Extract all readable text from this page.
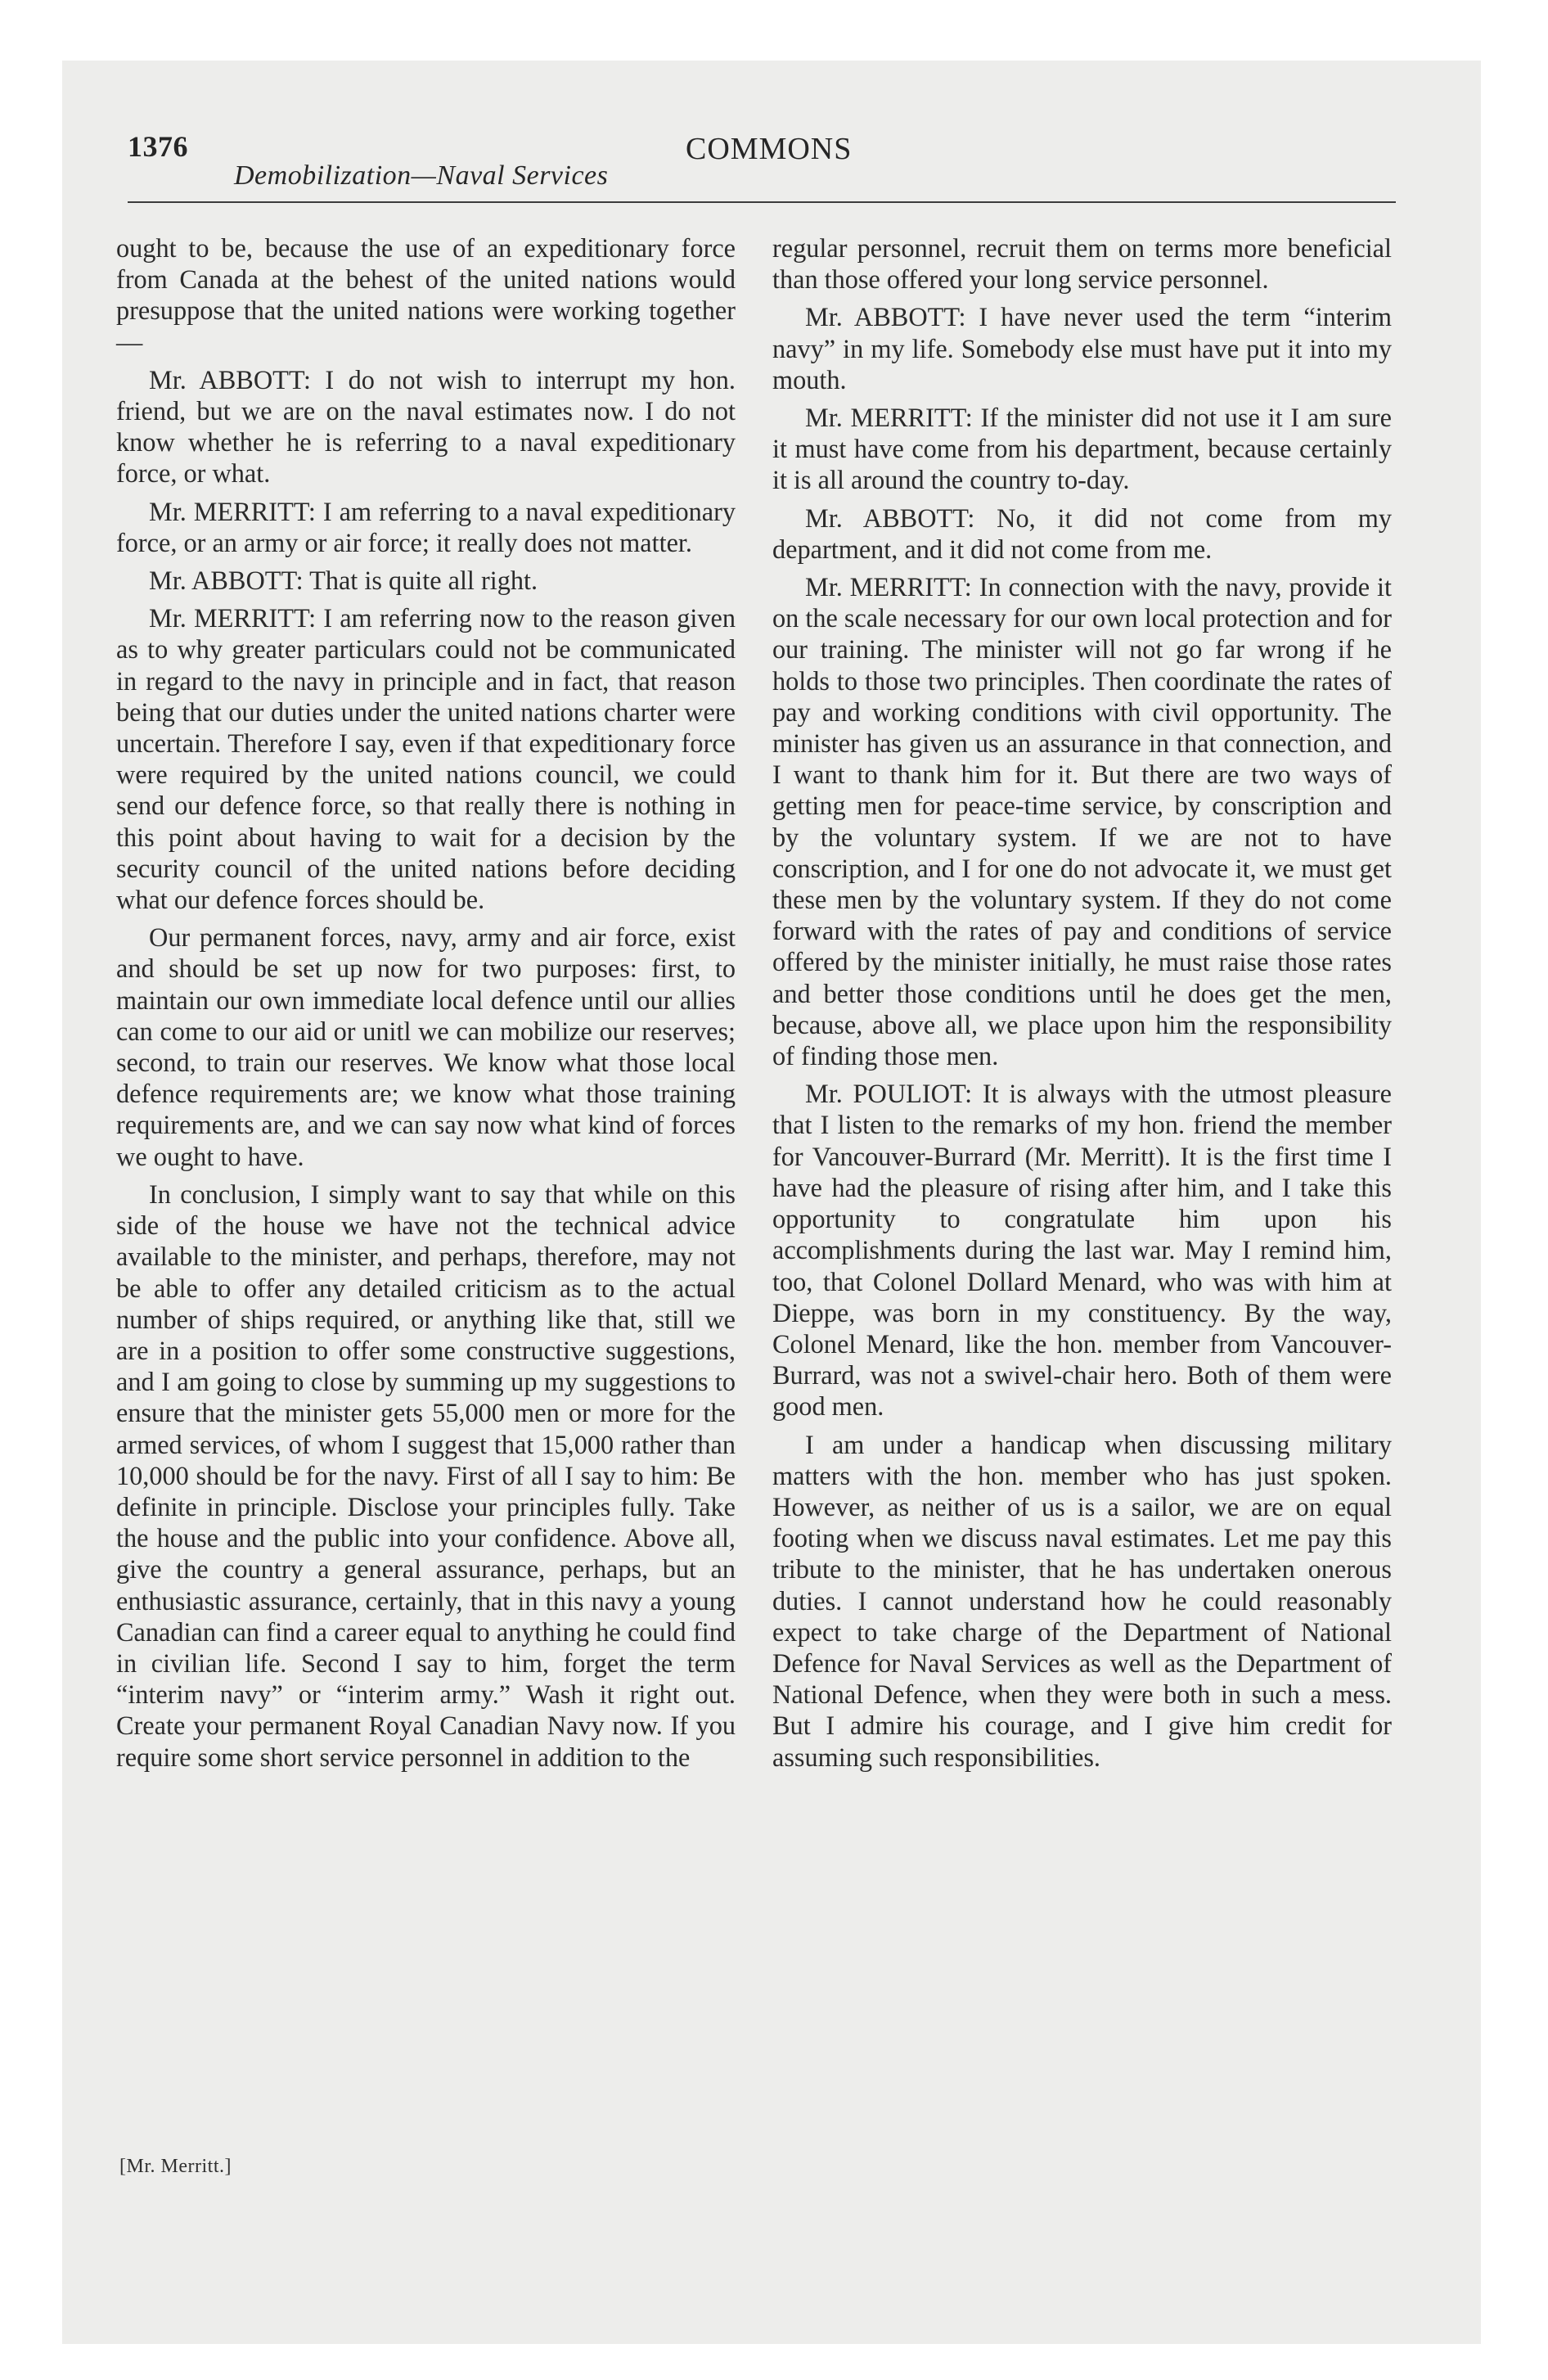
1376	COMMONS
Demobilization—Naval Services

ought to be, because the use of an expeditionary force from Canada at the behest of the united nations would presuppose that the united nations were working together—

Mr. ABBOTT: I do not wish to interrupt my hon. friend, but we are on the naval estimates now. I do not know whether he is referring to a naval expeditionary force, or what.

Mr. MERRITT: I am referring to a naval expeditionary force, or an army or air force; it really does not matter.

Mr. ABBOTT: That is quite all right.

Mr. MERRITT: I am referring now to the reason given as to why greater particulars could not be communicated in regard to the navy in principle and in fact, that reason being that our duties under the united nations charter were uncertain. Therefore I say, even if that expeditionary force were required by the united nations council, we could send our defence force, so that really there is nothing in this point about having to wait for a decision by the security council of the united nations before deciding what our defence forces should be.

Our permanent forces, navy, army and air force, exist and should be set up now for two purposes: first, to maintain our own immediate local defence until our allies can come to our aid or unitl we can mobilize our reserves; second, to train our reserves. We know what those local defence requirements are; we know what those training requirements are, and we can say now what kind of forces we ought to have.

In conclusion, I simply want to say that while on this side of the house we have not the technical advice available to the minister, and perhaps, therefore, may not be able to offer any detailed criticism as to the actual number of ships required, or anything like that, still we are in a position to offer some constructive suggestions, and I am going to close by summing up my suggestions to ensure that the minister gets 55,000 men or more for the armed services, of whom I suggest that 15,000 rather than 10,000 should be for the navy. First of all I say to him: Be definite in principle. Disclose your principles fully. Take the house and the public into your confidence. Above all, give the country a general assurance, perhaps, but an enthusiastic assurance, certainly, that in this navy a young Canadian can find a career equal to anything he could find in civilian life. Second I say to him, forget the term “interim navy” or “interim army.” Wash it right out. Create your permanent Royal Canadian Navy now. If you require some short service personnel in addition to the

regular personnel, recruit them on terms more beneficial than those offered your long service personnel.

Mr. ABBOTT: I have never used the term “interim navy” in my life. Somebody else must have put it into my mouth.

Mr. MERRITT: If the minister did not use it I am sure it must have come from his department, because certainly it is all around the country to-day.

Mr. ABBOTT: No, it did not come from my department, and it did not come from me.

Mr. MERRITT: In connection with the navy, provide it on the scale necessary for our own local protection and for our training. The minister will not go far wrong if he holds to those two principles. Then coordinate the rates of pay and working conditions with civil opportunity. The minister has given us an assurance in that connection, and I want to thank him for it. But there are two ways of getting men for peace-time service, by conscription and by the voluntary system. If we are not to have conscription, and I for one do not advocate it, we must get these men by the voluntary system. If they do not come forward with the rates of pay and conditions of service offered by the minister initially, he must raise those rates and better those conditions until he does get the men, because, above all, we place upon him the responsibility of finding those men.

Mr. POULIOT: It is always with the utmost pleasure that I listen to the remarks of my hon. friend the member for Vancouver-Burrard (Mr. Merritt). It is the first time I have had the pleasure of rising after him, and I take this opportunity to congratulate him upon his accomplishments during the last war. May I remind him, too, that Colonel Dollard Menard, who was with him at Dieppe, was born in my constituency. By the way, Colonel Menard, like the hon. member from Vancouver-Burrard, was not a swivel-chair hero. Both of them were good men.

I am under a handicap when discussing military matters with the hon. member who has just spoken. However, as neither of us is a sailor, we are on equal footing when we discuss naval estimates. Let me pay this tribute to the minister, that he has undertaken onerous duties. I cannot understand how he could reasonably expect to take charge of the Department of National Defence for Naval Services as well as the Department of National Defence, when they were both in such a mess. But I admire his courage, and I give him credit for assuming such responsibilities.

[Mr. Merritt.]
